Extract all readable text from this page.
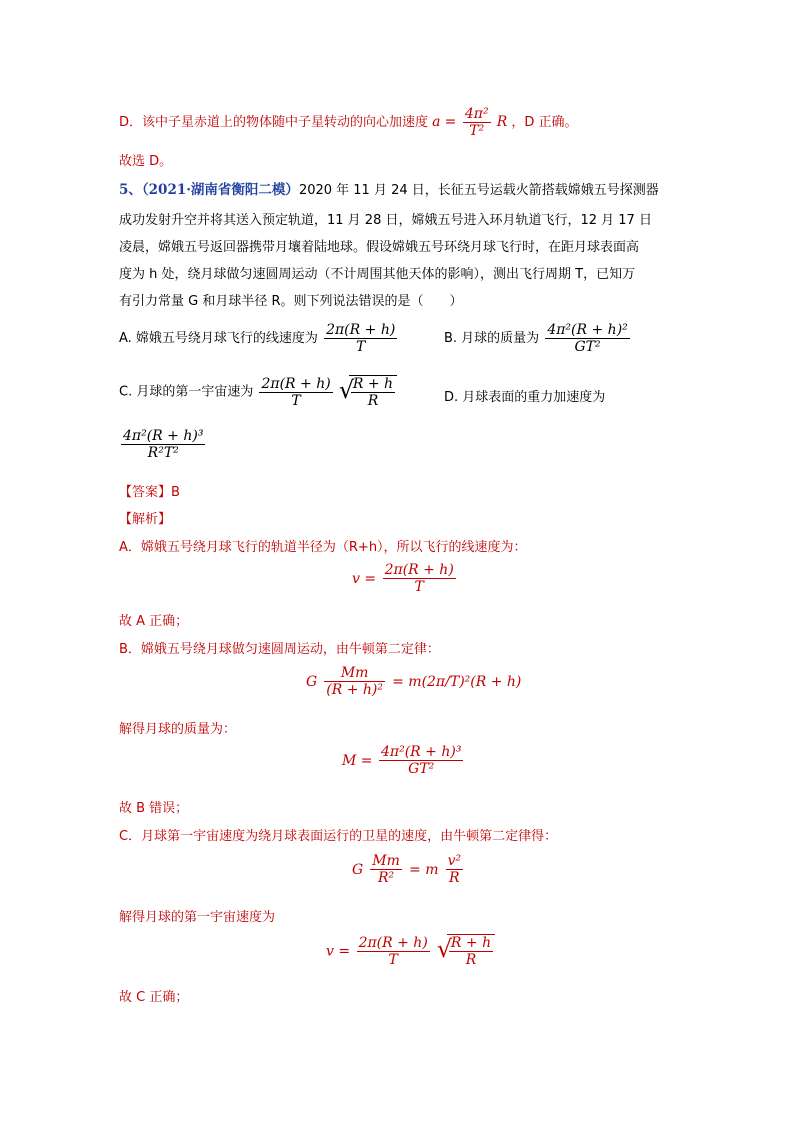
D．该中子星赤道上的物体随中子星转动的向心加速度 $a = \frac{\text{4π²}}{\text{T²}}$ R ，D 正确。
故选 D。
5、（2021·湖南省衡阳二模）2020 年 11 月 24 日，长征五号运载火箭搭载嫦娥五号探测器
成功发射升空并将其送入预定轨道，11 月 28 日，嫦娥五号进入环月轨道飞行，12 月 17 日
凌晨，嫦娥五号返回器携带月壤着陆地球。假设嫦娥五号环绕月球飞行时，在距月球表面高
度为 h 处，绕月球做匀速圆周运动（不计周围其他天体的影响），测出飞行周期 T，已知万
有引力常量 G 和月球半径 R。则下列说法错误的是（　　）
A. 嫦娥五号绕月球飞行的线速度为 $\frac{2\pi(R + h)}{T}$	B. 月球的质量为 $\frac{\text{4π²(R + h)²}}{\text{GT²}}$
C. 月球的第一宇宙速为 $\frac{2\pi(R + h)}{T}$
√
$\frac{R + h}{R}$	D. 月球表面的重力加速度为
$\frac{\text{4π²(R + h)³}}{\text{R²T²}}$
【答案】B
【解析】
A．嫦娥五号绕月球飞行的轨道半径为（R+h），所以飞行的线速度为：
$v = \frac{2\pi(R + h)}{T}$
故 A 正确；
B．嫦娥五号绕月球做匀速圆周运动，由牛顿第二定律：
G $\frac{Mm}{\text{(R + h)²}} = m(2\pi/T)^2(R + h)$
解得月球的质量为：
$M = \frac{\text{4π²(R + h)³}}{\text{GT²}}$
故 B 错误；
C．月球第一宇宙速度为绕月球表面运行的卫星的速度，由牛顿第二定律得：
G $\frac{Mm}{\text{R²}} = m \frac{\text{v²}}{R}$
解得月球的第一宇宙速度为
$v = \frac{2\pi(R + h)}{T}$
√
$\frac{R + h}{R}$
故 C 正确；
